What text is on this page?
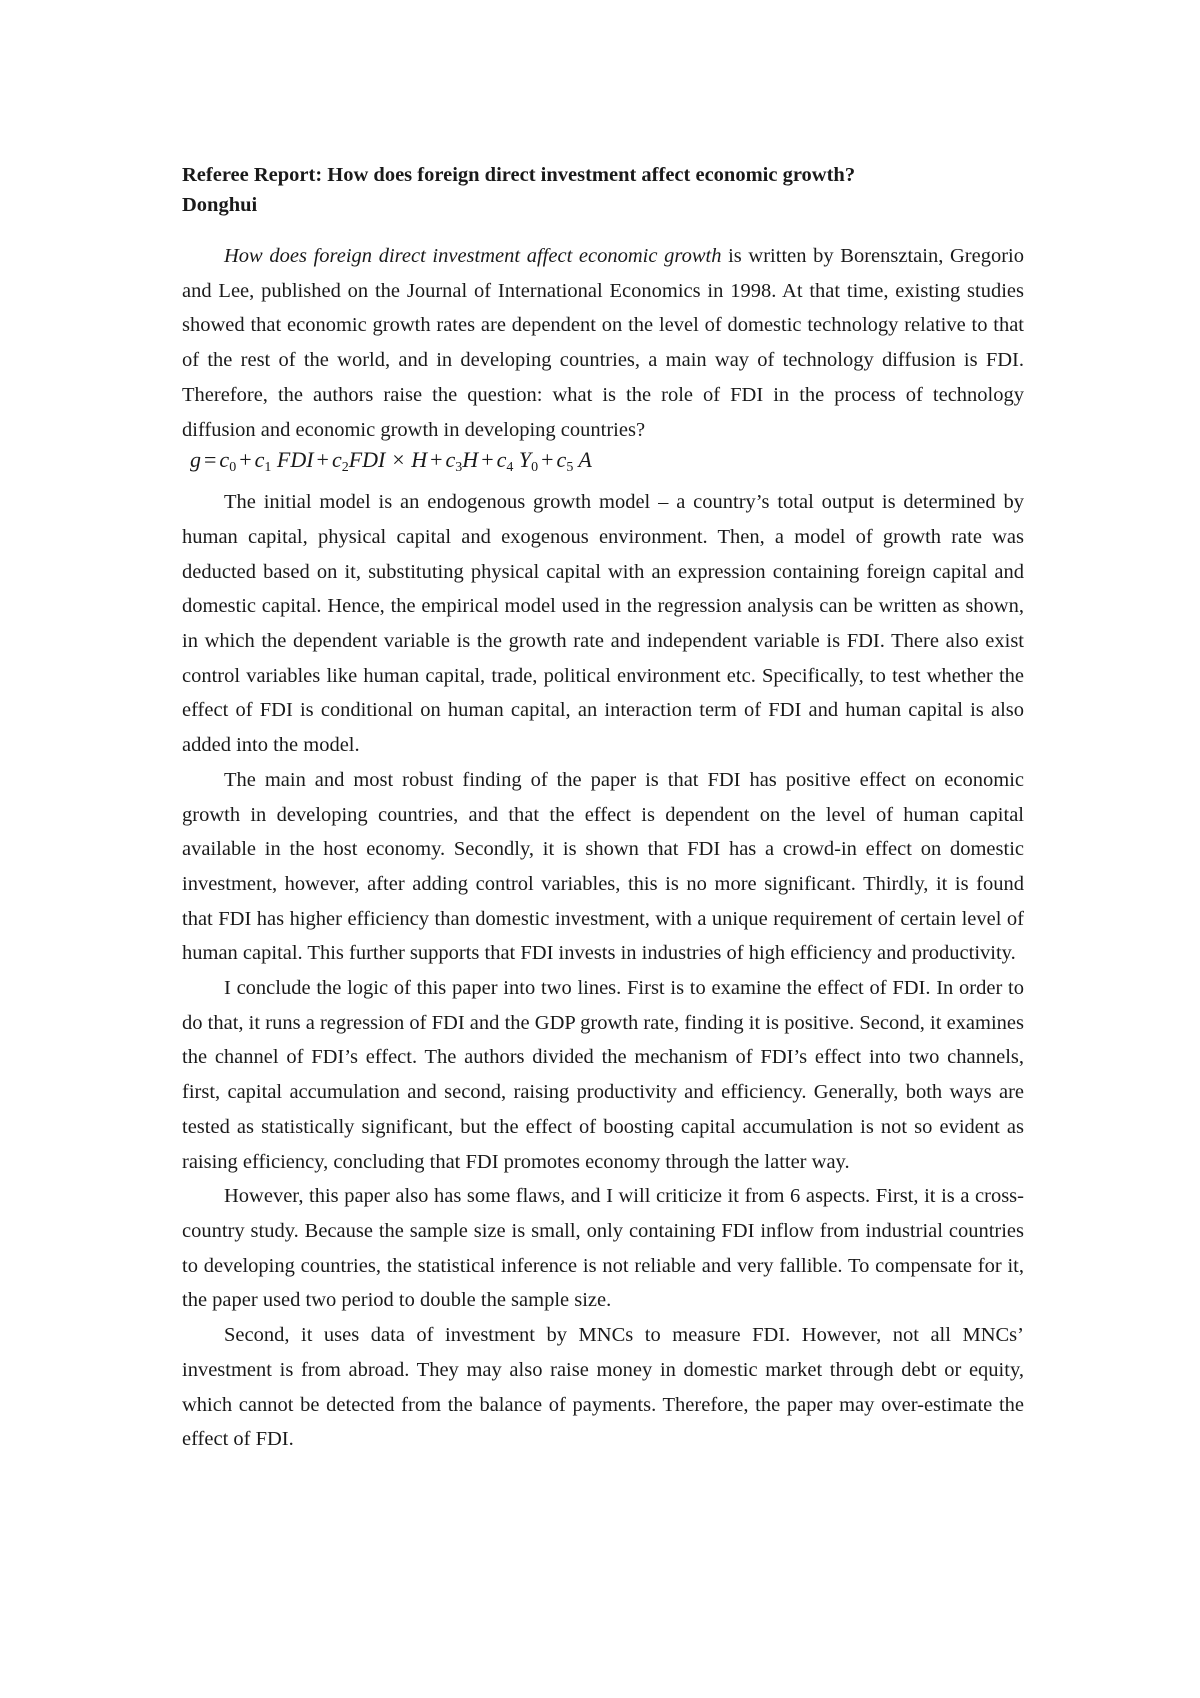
Referee Report: How does foreign direct investment affect economic growth?

Donghui

How does foreign direct investment affect economic growth is written by Borensztain, Gregorio and Lee, published on the Journal of International Economics in 1998. At that time, existing studies showed that economic growth rates are dependent on the level of domestic technology relative to that of the rest of the world, and in developing countries, a main way of technology diffusion is FDI. Therefore, the authors raise the question: what is the role of FDI in the process of technology diffusion and economic growth in developing countries?

$g = c_0 + c_1$ FDI + $c_2FDI \times H + c_3H + c_4$ $Y_0 + c_5$ A

The initial model is an endogenous growth model – a country’s total output is determined by human capital, physical capital and exogenous environment. Then, a model of growth rate was deducted based on it, substituting physical capital with an expression containing foreign capital and domestic capital. Hence, the empirical model used in the regression analysis can be written as shown, in which the dependent variable is the growth rate and independent variable is FDI. There also exist control variables like human capital, trade, political environment etc. Specifically, to test whether the effect of FDI is conditional on human capital, an interaction term of FDI and human capital is also added into the model.

The main and most robust finding of the paper is that FDI has positive effect on economic growth in developing countries, and that the effect is dependent on the level of human capital available in the host economy. Secondly, it is shown that FDI has a crowd-in effect on domestic investment, however, after adding control variables, this is no more significant. Thirdly, it is found that FDI has higher efficiency than domestic investment, with a unique requirement of certain level of human capital. This further supports that FDI invests in industries of high efficiency and productivity.

I conclude the logic of this paper into two lines. First is to examine the effect of FDI. In order to do that, it runs a regression of FDI and the GDP growth rate, finding it is positive. Second, it examines the channel of FDI’s effect. The authors divided the mechanism of FDI’s effect into two channels, first, capital accumulation and second, raising productivity and efficiency. Generally, both ways are tested as statistically significant, but the effect of boosting capital accumulation is not so evident as raising efficiency, concluding that FDI promotes economy through the latter way.

However, this paper also has some flaws, and I will criticize it from 6 aspects. First, it is a cross-country study. Because the sample size is small, only containing FDI inflow from industrial countries to developing countries, the statistical inference is not reliable and very fallible. To compensate for it, the paper used two period to double the sample size.

Second, it uses data of investment by MNCs to measure FDI. However, not all MNCs’ investment is from abroad. They may also raise money in domestic market through debt or equity, which cannot be detected from the balance of payments. Therefore, the paper may over-estimate the effect of FDI.
